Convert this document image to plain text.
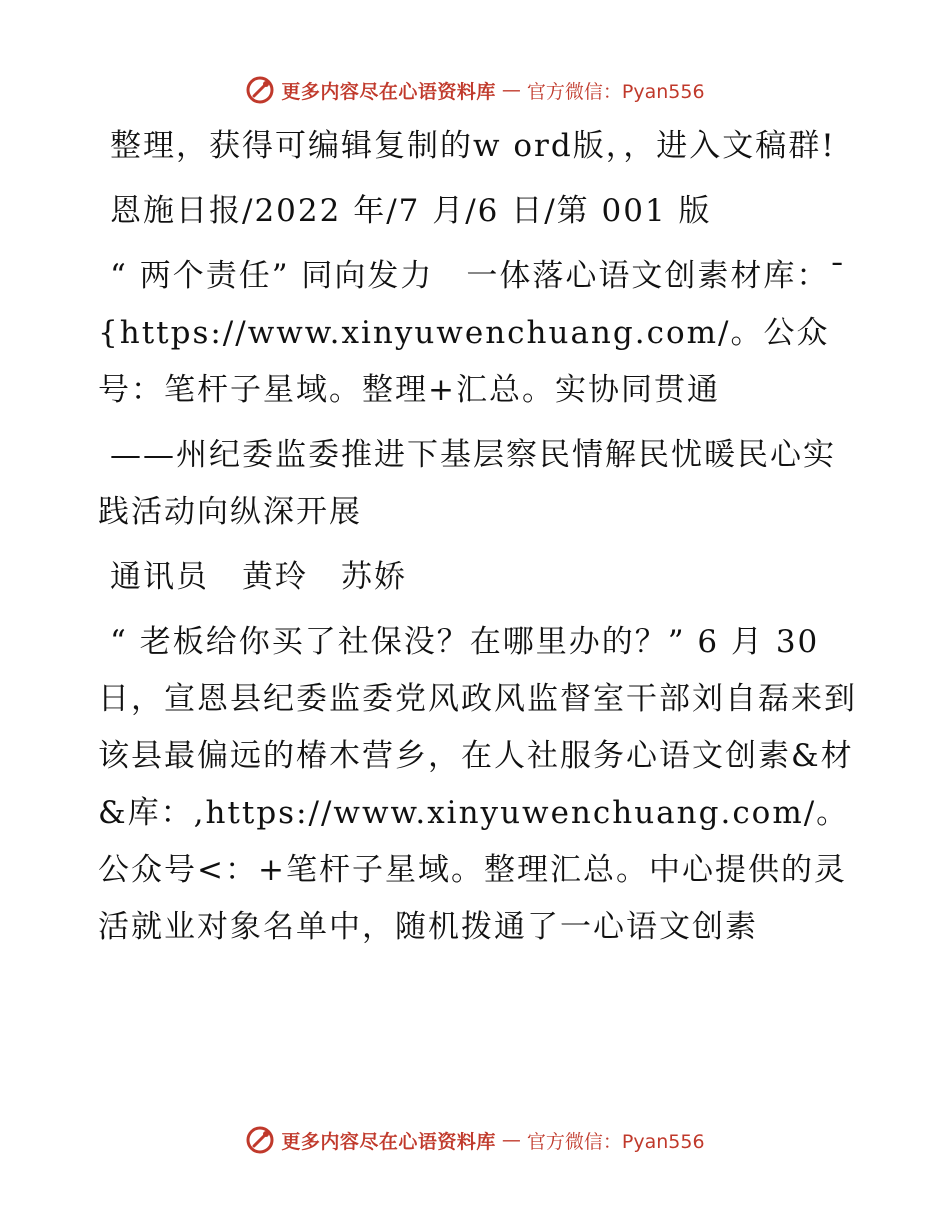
更多内容尽在心语资料库 — 官方微信：Pyan556

整理，获得可编辑复制的w ord版，，进入文稿群!

恩施日报/2022 年/7 月/6 日/第 001 版

“ 两个责任” 同向发力　一体落心语文创素材库：¯{https://www.xinyuwenchuang.com/。公众号：笔杆子星域。整理+汇总。实协同贯通

——州纪委监委推进下基层察民情解民忧暖民心实践活动向纵深开展

通讯员　黄玲　苏娇

“ 老板给你买了社保没？在哪里办的？” 6 月 30 日，宣恩县纪委监委党风政风监督室干部刘自磊来到该县最偏远的椿木营乡，在人社服务心语文创素&材&库：,https://www.xinyuwenchuang.com/。公众号<：+笔杆子星域。整理汇总。中心提供的灵活就业对象名单中，随机拨通了一心语文创素

更多内容尽在心语资料库 — 官方微信：Pyan556
